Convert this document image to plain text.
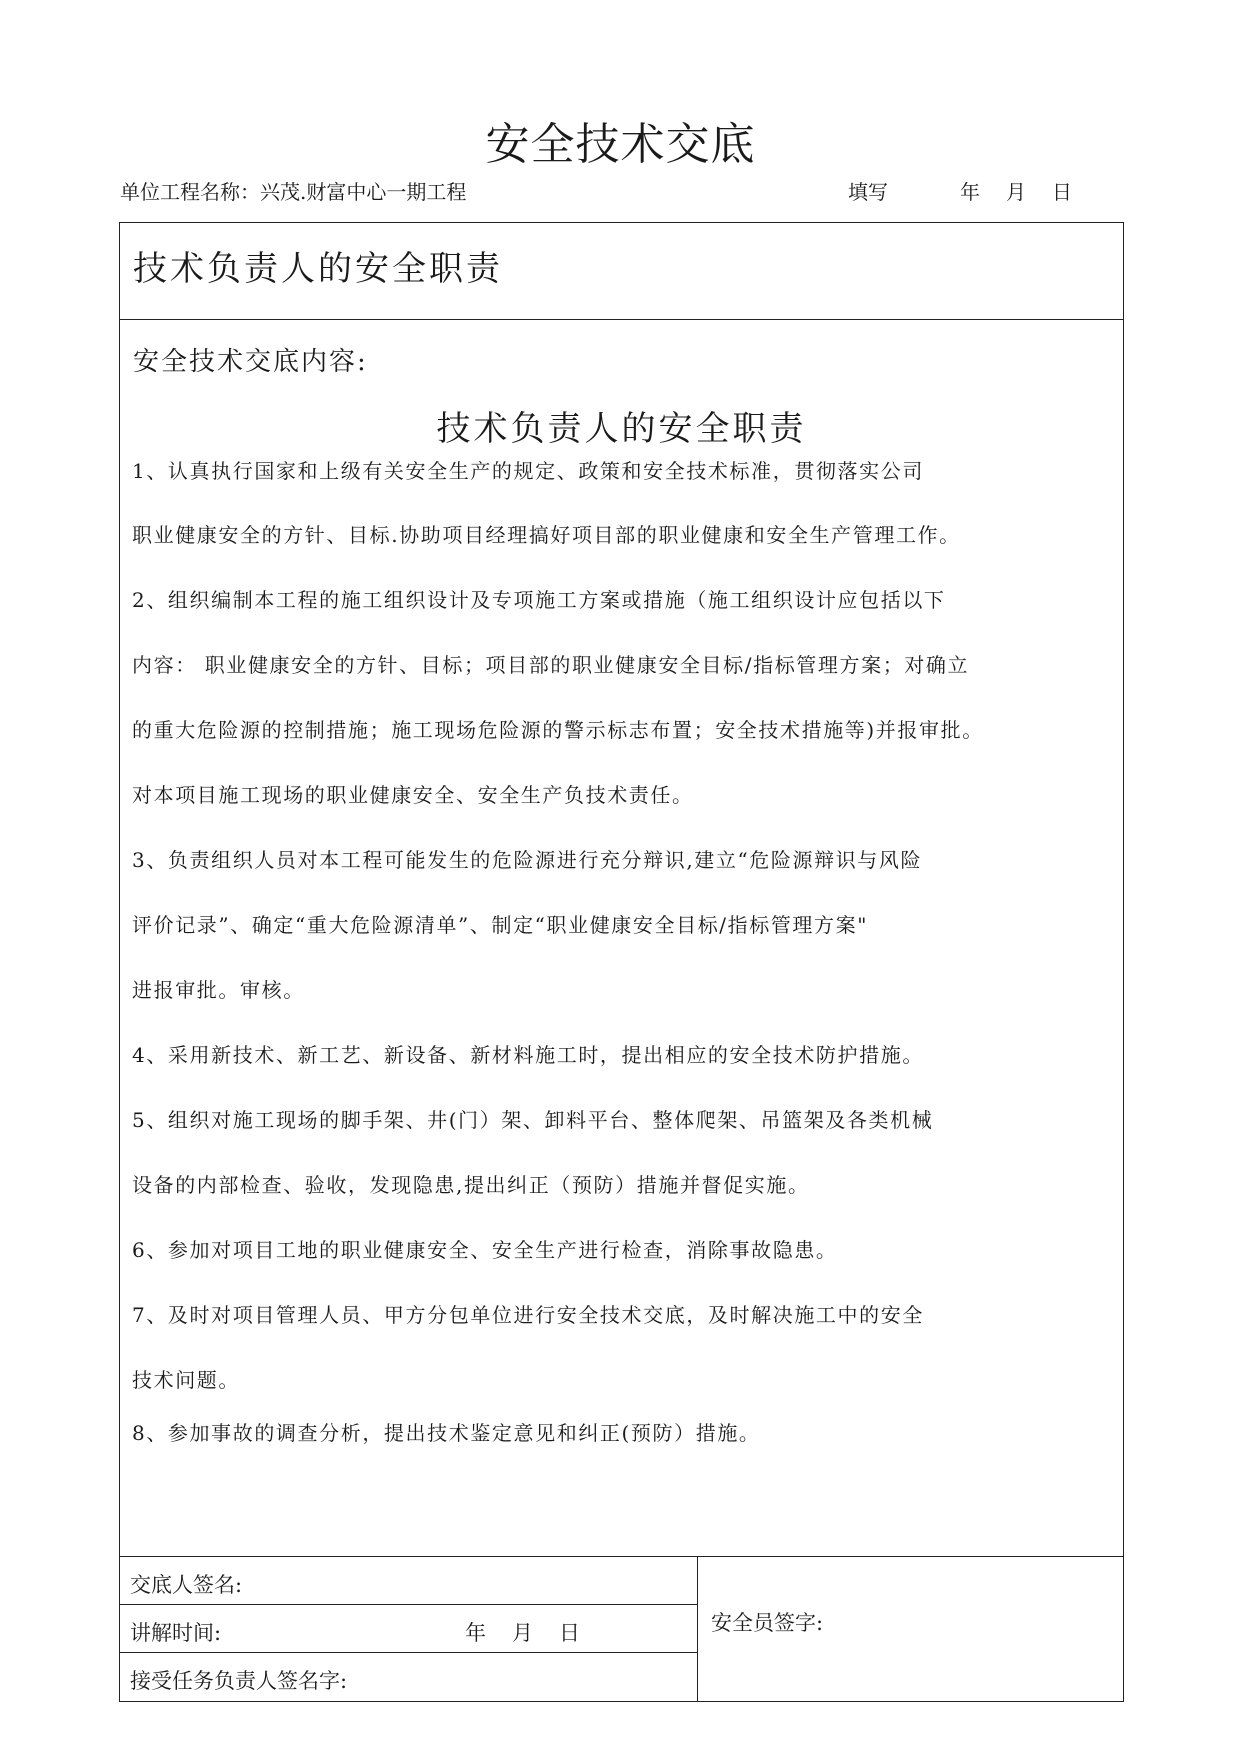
安全技术交底
单位工程名称：兴茂.财富中心一期工程	填写	年 月 日
技术负责人的安全职责
安全技术交底内容:
技术负责人的安全职责
1、认真执行国家和上级有关安全生产的规定、政策和安全技术标准，贯彻落实公司
职业健康安全的方针、目标.协助项目经理搞好项目部的职业健康和安全生产管理工作。
2、组织编制本工程的施工组织设计及专项施工方案或措施（施工组织设计应包括以下
内容： 职业健康安全的方针、目标；项目部的职业健康安全目标/指标管理方案；对确立
的重大危险源的控制措施；施工现场危险源的警示标志布置；安全技术措施等)并报审批。
对本项目施工现场的职业健康安全、安全生产负技术责任。
3、负责组织人员对本工程可能发生的危险源进行充分辩识,建立“危险源辩识与风险
评价记录”、确定“重大危险源清单”、制定“职业健康安全目标/指标管理方案"
进报审批。审核。
4、采用新技术、新工艺、新设备、新材料施工时，提出相应的安全技术防护措施。
5、组织对施工现场的脚手架、井(门）架、卸料平台、整体爬架、吊篮架及各类机械
设备的内部检查、验收，发现隐患,提出纠正（预防）措施并督促实施。
6、参加对项目工地的职业健康安全、安全生产进行检查，消除事故隐患。
7、及时对项目管理人员、甲方分包单位进行安全技术交底，及时解决施工中的安全
技术问题。
8、参加事故的调查分析，提出技术鉴定意见和纠正(预防）措施。
交底人签名:
讲解时间:	年 月 日
接受任务负责人签名字:
安全员签字:
